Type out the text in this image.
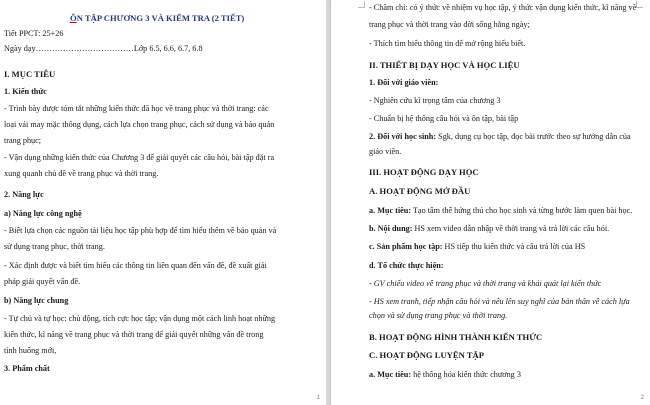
ÔN TẬP CHƯƠNG 3 VÀ KIỂM TRA (2 TIẾT)
Tiết PPCT: 25+26
Ngày dạy………………………………Lớp 6.5, 6.6, 6.7, 6.8
I. MỤC TIÊU
1. Kiến thức
- Trình bày được tóm tắt những kiến thức đã học về trang phục và thời trang: các
loại vải may mặc thông dụng, cách lựa chọn trang phục, cách sử dụng và bảo quản
trang phục;
- Vận dụng những kiến thức của Chương 3 để giải quyết các câu hỏi, bài tập đặt ra
xung quanh chủ đề về trang phục và thời trang.
2. Năng lực
a) Năng lực công nghệ
- Biết lựa chọn các nguồn tài liệu học tập phù hợp để tìm hiểu thêm về bảo quản và
sử dụng trang phục, thời trang.
- Xác định được và biết tìm hiểu các thông tin liên quan đến vấn đề, đề xuất giải
pháp giải quyết vấn đề.
b) Năng lực chung
- Tự chủ và tự học: chủ động, tích cực học tập; vận dụng một cách linh hoạt những
kiến thức, kĩ năng về trang phục và thời trang để giải quyết những vấn đề trong
tình huống mới,
3. Phẩm chất
1
- Chăm chỉ: có ý thức về nhiệm vụ học tập, ý thức vận dụng kiến thức, kĩ năng về
trang phục và thời trang vào đời sống hằng ngày;
- Thích tìm hiểu thông tin để mở rộng hiểu biết.
II. THIẾT BỊ DẠY HỌC VÀ HỌC LIỆU
1. Đối với giáo viên:
- Nghiên cứu kĩ trọng tâm của chương 3
- Chuẩn bị hệ thống câu hỏi và ôn tập, bài tập
2. Đối với học sinh: Sgk, dụng cụ học tập, đọc bài trước theo sự hướng dẫn của
giáo viên.
III. HOẠT ĐỘNG DẠY HỌC
A. HOẠT ĐỘNG MỞ ĐẦU
a. Mục tiêu: Tạo tâm thế hứng thú cho học sinh và từng bước làm quen bài học.
b. Nội dung: HS xem video dẫn nhập về thời trang và trả lời các câu hỏi.
c. Sản phẩm học tập: HS tiếp thu kiến thức và câu trả lời của HS
d. Tổ chức thực hiện:
- GV chiếu video về trang phục và thời trang và khái quát lại kiến thức
- HS xem tranh, tiếp nhận câu hỏi và nêu lên suy nghĩ của bản thân về cách lựa
chọn và sử dụng trang phục và thời trang.
B. HOẠT ĐỘNG HÌNH THÀNH KIẾN THỨC
C. HOẠT ĐỘNG LUYỆN TẬP
a. Mục tiêu: hệ thống hóa kiến thức chương 3
2
